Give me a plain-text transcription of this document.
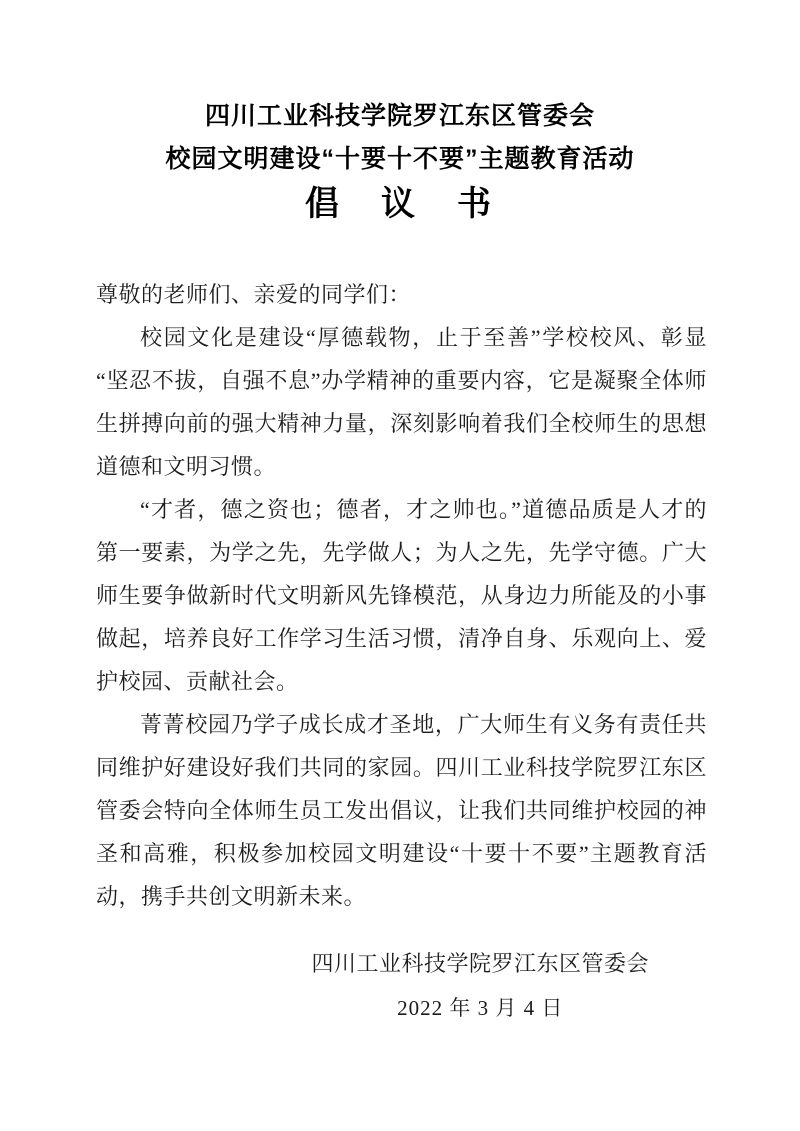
四川工业科技学院罗江东区管委会
校园文明建设“十要十不要”主题教育活动
倡　议　书

尊敬的老师们、亲爱的同学们：

校园文化是建设“厚德载物，止于至善”学校校风、彰显“坚忍不拔，自强不息”办学精神的重要内容，它是凝聚全体师生拼搏向前的强大精神力量，深刻影响着我们全校师生的思想道德和文明习惯。

“才者，德之资也；德者，才之帅也。”道德品质是人才的第一要素，为学之先，先学做人；为人之先，先学守德。广大师生要争做新时代文明新风先锋模范，从身边力所能及的小事做起，培养良好工作学习生活习惯，清净自身、乐观向上、爱护校园、贡献社会。

菁菁校园乃学子成长成才圣地，广大师生有义务有责任共同维护好建设好我们共同的家园。四川工业科技学院罗江东区管委会特向全体师生员工发出倡议，让我们共同维护校园的神圣和高雅，积极参加校园文明建设“十要十不要”主题教育活动，携手共创文明新未来。

四川工业科技学院罗江东区管委会
2022 年 3 月 4 日
